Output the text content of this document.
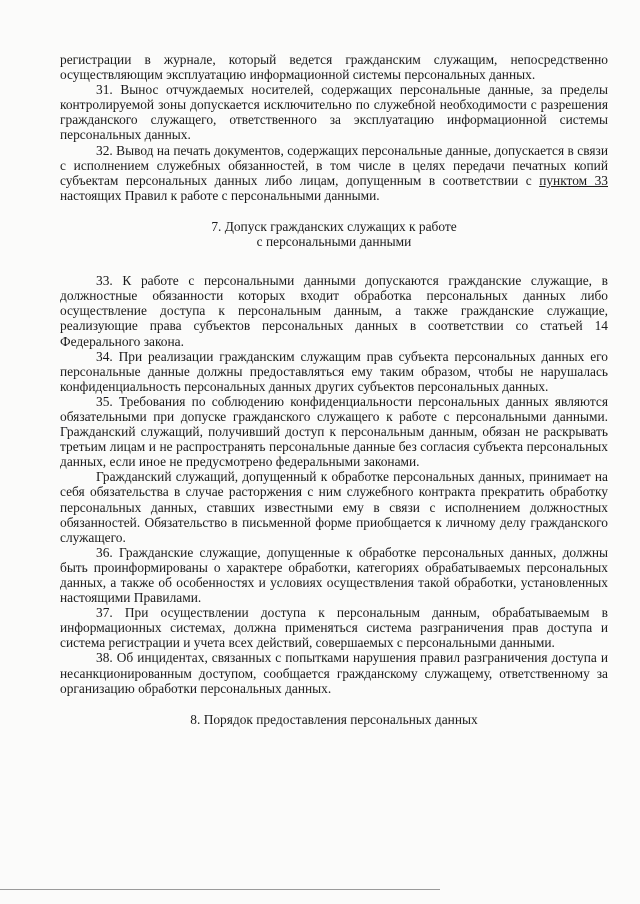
регистрации в журнале, который ведется гражданским служащим, непосредственно осуществляющим эксплуатацию информационной системы персональных данных.

31. Вынос отчуждаемых носителей, содержащих персональные данные, за пределы контролируемой зоны допускается исключительно по служебной необходимости с разрешения гражданского служащего, ответственного за эксплуатацию информационной системы персональных данных.

32. Вывод на печать документов, содержащих персональные данные, допускается в связи с исполнением служебных обязанностей, в том числе в целях передачи печатных копий субъектам персональных данных либо лицам, допущенным в соответствии с пунктом 33 настоящих Правил к работе с персональными данными.

7. Допуск гражданских служащих к работе

с персональными данными

33. К работе с персональными данными допускаются гражданские служащие, в должностные обязанности которых входит обработка персональных данных либо осуществление доступа к персональным данным, а также гражданские служащие, реализующие права субъектов персональных данных в соответствии со статьей 14 Федерального закона.

34. При реализации гражданским служащим прав субъекта персональных данных его персональные данные должны предоставляться ему таким образом, чтобы не нарушалась конфиденциальность персональных данных других субъектов персональных данных.

35. Требования по соблюдению конфиденциальности персональных данных являются обязательными при допуске гражданского служащего к работе с персональными данными. Гражданский служащий, получивший доступ к персональным данным, обязан не раскрывать третьим лицам и не распространять персональные данные без согласия субъекта персональных данных, если иное не предусмотрено федеральными законами.

Гражданский служащий, допущенный к обработке персональных данных, принимает на себя обязательства в случае расторжения с ним служебного контракта прекратить обработку персональных данных, ставших известными ему в связи с исполнением должностных обязанностей. Обязательство в письменной форме приобщается к личному делу гражданского служащего.

36. Гражданские служащие, допущенные к обработке персональных данных, должны быть проинформированы о характере обработки, категориях обрабатываемых персональных данных, а также об особенностях и условиях осуществления такой обработки, установленных настоящими Правилами.

37. При осуществлении доступа к персональным данным, обрабатываемым в информационных системах, должна применяться система разграничения прав доступа и система регистрации и учета всех действий, совершаемых с персональными данными.

38. Об инцидентах, связанных с попытками нарушения правил разграничения доступа и несанкционированным доступом, сообщается гражданскому служащему, ответственному за организацию обработки персональных данных.

8. Порядок предоставления персональных данных
